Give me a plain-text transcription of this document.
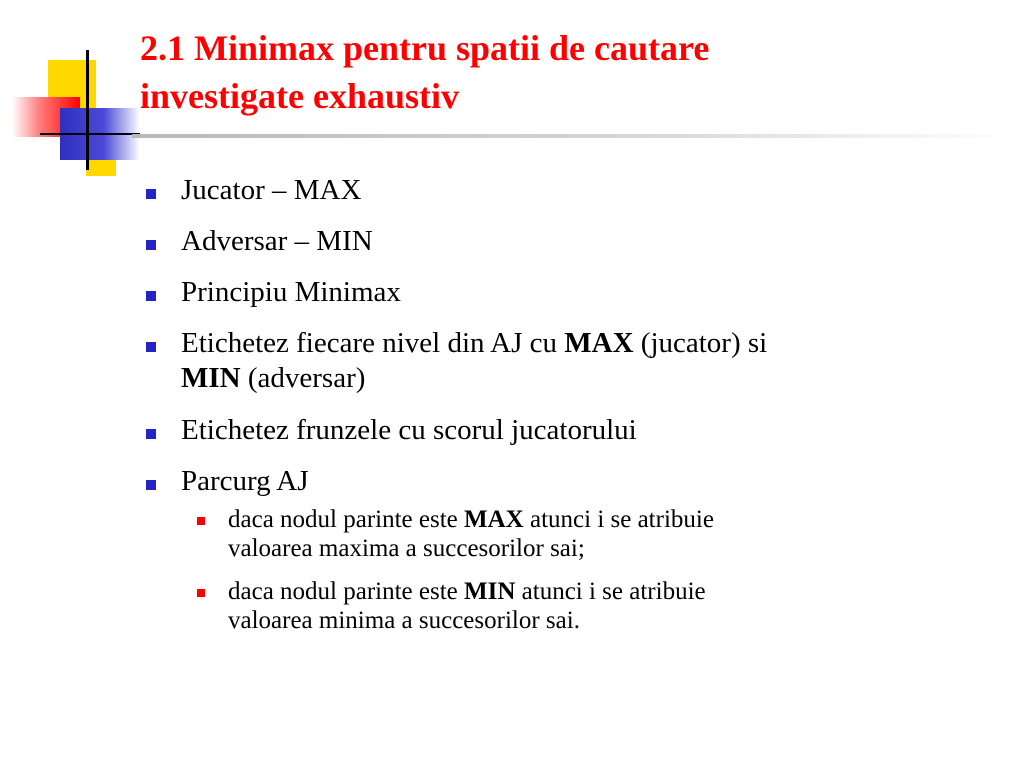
2.1 Minimax pentru spatii de cautare
investigate exhaustiv
Jucator – MAX
Adversar – MIN
Principiu Minimax
Etichetez fiecare nivel din AJ cu MAX (jucator) si
MIN (adversar)
Etichetez frunzele cu scorul jucatorului
Parcurg AJ
daca nodul parinte este MAX atunci i se atribuie
valoarea maxima a succesorilor sai;
daca nodul parinte este MIN atunci i se atribuie
valoarea minima a succesorilor sai.
